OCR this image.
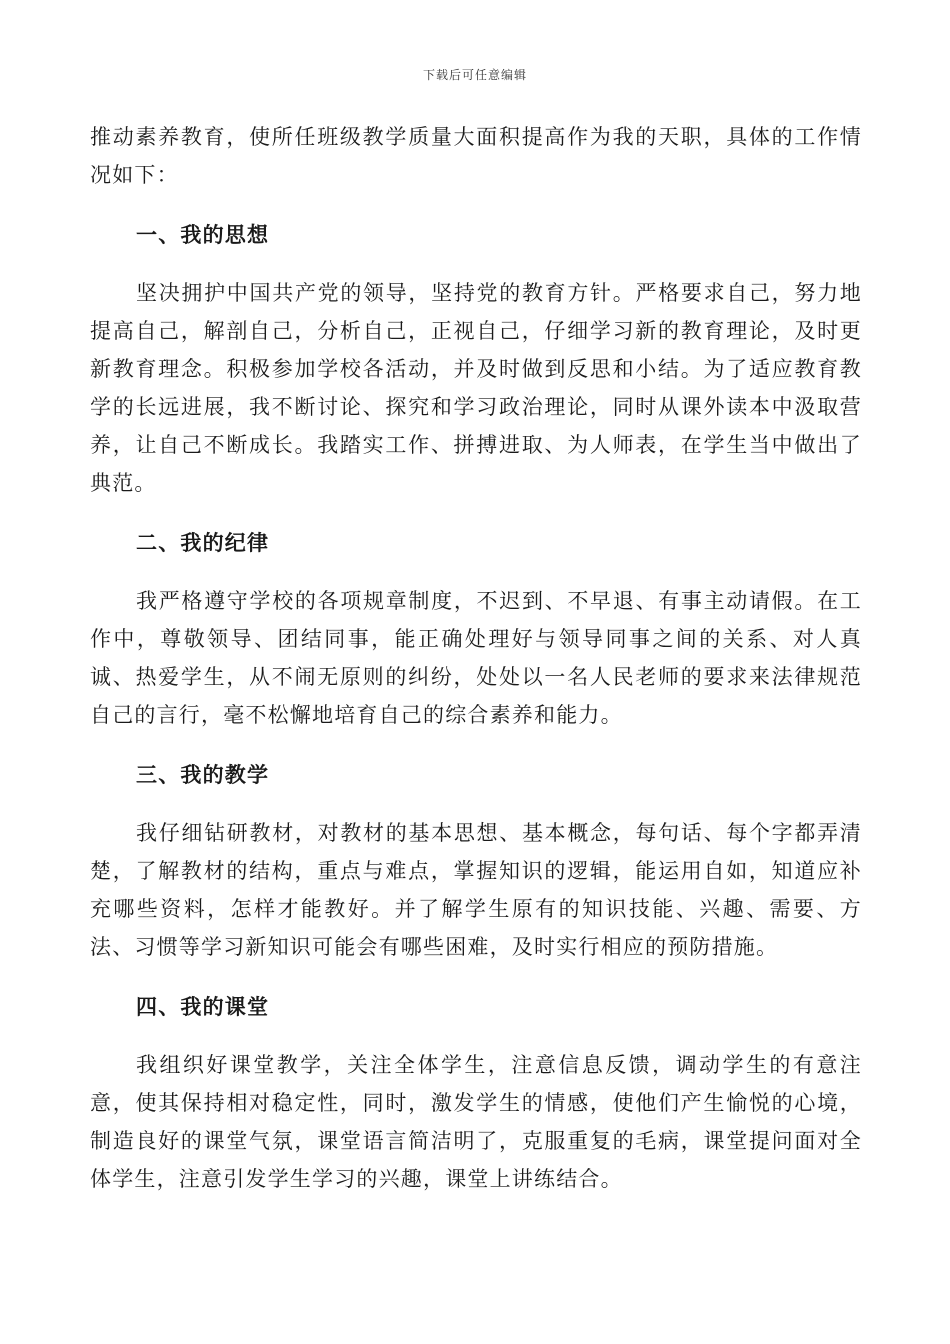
下载后可任意编辑

推动素养教育，使所任班级教学质量大面积提高作为我的天职，具体的工作情况如下：

一、我的思想

坚决拥护中国共产党的领导，坚持党的教育方针。严格要求自己，努力地提高自己，解剖自己，分析自己，正视自己，仔细学习新的教育理论，及时更新教育理念。积极参加学校各活动，并及时做到反思和小结。为了适应教育教学的长远进展，我不断讨论、探究和学习政治理论，同时从课外读本中汲取营养，让自己不断成长。我踏实工作、拼搏进取、为人师表，在学生当中做出了典范。

二、我的纪律

我严格遵守学校的各项规章制度，不迟到、不早退、有事主动请假。在工作中，尊敬领导、团结同事，能正确处理好与领导同事之间的关系、对人真诚、热爱学生，从不闹无原则的纠纷，处处以一名人民老师的要求来法律规范自己的言行，毫不松懈地培育自己的综合素养和能力。

三、我的教学

我仔细钻研教材，对教材的基本思想、基本概念，每句话、每个字都弄清楚，了解教材的结构，重点与难点，掌握知识的逻辑，能运用自如，知道应补充哪些资料，怎样才能教好。并了解学生原有的知识技能、兴趣、需要、方法、习惯等学习新知识可能会有哪些困难，及时实行相应的预防措施。

四、我的课堂

我组织好课堂教学，关注全体学生，注意信息反馈，调动学生的有意注意，使其保持相对稳定性，同时，激发学生的情感，使他们产生愉悦的心境，制造良好的课堂气氛，课堂语言简洁明了，克服重复的毛病，课堂提问面对全体学生，注意引发学生学习的兴趣，课堂上讲练结合。
